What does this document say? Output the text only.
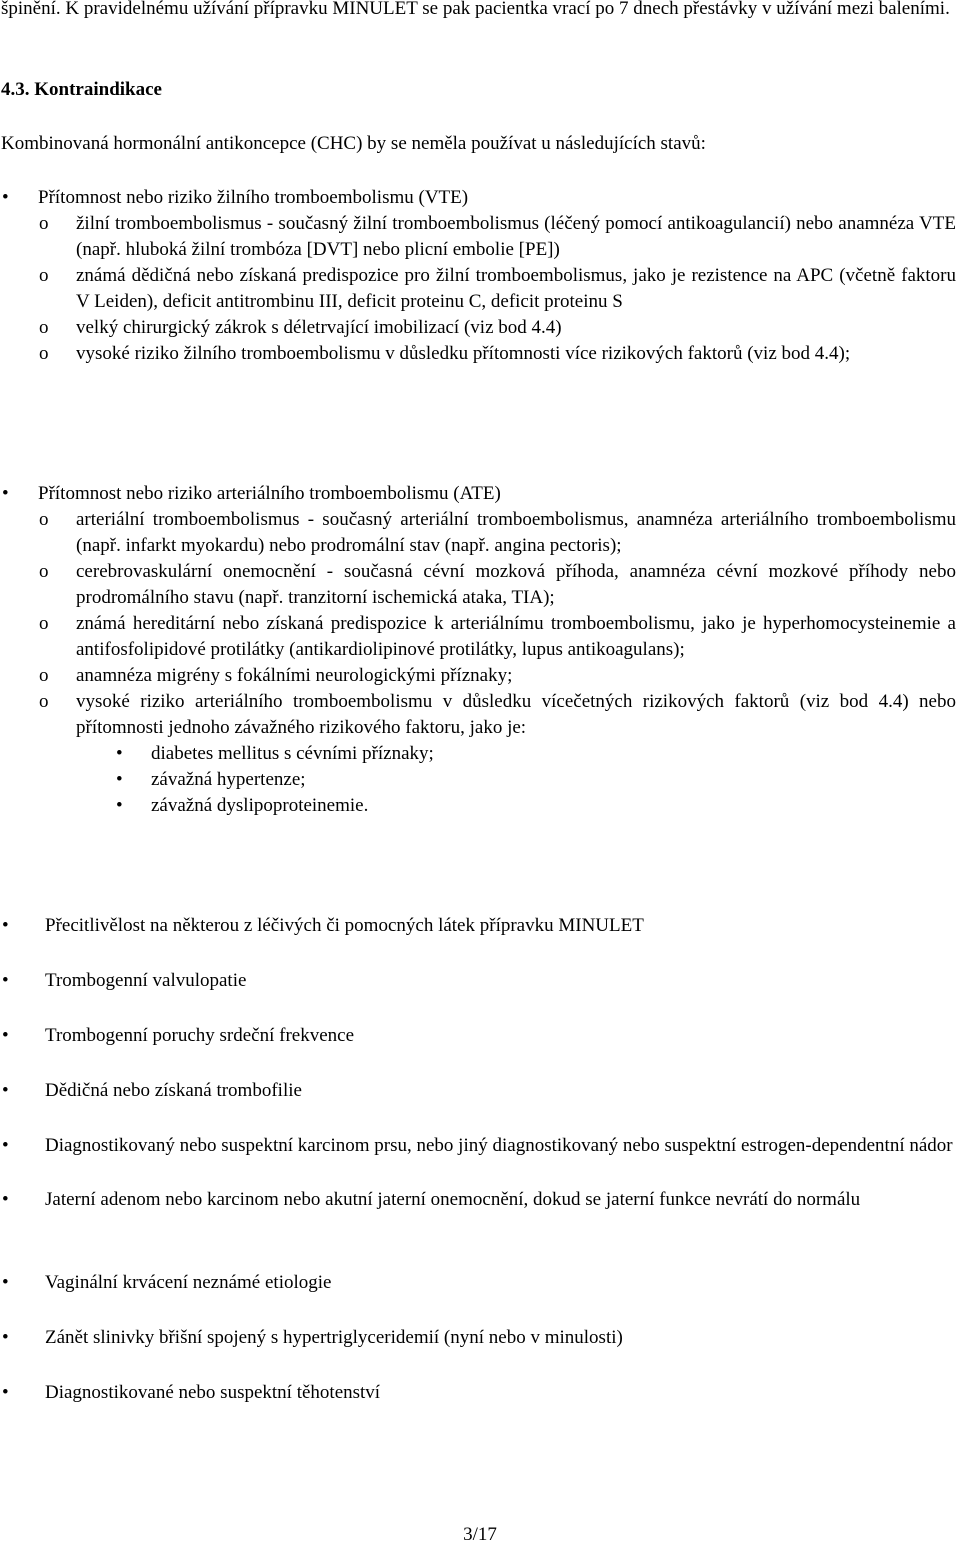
špinění. K pravidelnému užívání přípravku MINULET se pak pacientka vrací po 7 dnech přestávky v užívání mezi baleními.

4.3. Kontraindikace

Kombinovaná hormonální antikoncepce (CHC) by se neměla používat u následujících stavů:

• Přítomnost nebo riziko žilního tromboembolismu (VTE)
o žilní tromboembolismus - současný žilní tromboembolismus (léčený pomocí antikoagulancií) nebo anamnéza VTE (např. hluboká žilní trombóza [DVT] nebo plicní embolie [PE])
o známá dědičná nebo získaná predispozice pro žilní tromboembolismus, jako je rezistence na APC (včetně faktoru V Leiden), deficit antitrombinu III, deficit proteinu C, deficit proteinu S
o velký chirurgický zákrok s déletrvající imobilizací (viz bod 4.4)
o vysoké riziko žilního tromboembolismu v důsledku přítomnosti více rizikových faktorů (viz bod 4.4);
• Přítomnost nebo riziko arteriálního tromboembolismu (ATE)
o arteriální tromboembolismus - současný arteriální tromboembolismus, anamnéza arteriálního tromboembolismu (např. infarkt myokardu) nebo prodromální stav (např. angina pectoris);
o cerebrovaskulární onemocnění - současná cévní mozková příhoda, anamnéza cévní mozkové příhody nebo prodromálního stavu (např. tranzitorní ischemická ataka, TIA);
o známá hereditární nebo získaná predispozice k arteriálnímu tromboembolismu, jako je hyperhomocysteinemie a antifosfolipidové protilátky (antikardiolipinové protilátky, lupus antikoagulans);
o anamnéza migrény s fokálními neurologickými příznaky;
o vysoké riziko arteriálního tromboembolismu v důsledku vícečetných rizikových faktorů (viz bod 4.4) nebo přítomnosti jednoho závažného rizikového faktoru, jako je:
• diabetes mellitus s cévními příznaky;
• závažná hypertenze;
• závažná dyslipoproteinemie.
• Přecitlivělost na některou z léčivých či pomocných látek přípravku MINULET
• Trombogenní valvulopatie
• Trombogenní poruchy srdeční frekvence
• Dědičná nebo získaná trombofilie
• Diagnostikovaný nebo suspektní karcinom prsu, nebo jiný diagnostikovaný nebo suspektní estrogen-dependentní nádor
• Jaterní adenom nebo karcinom nebo akutní jaterní onemocnění, dokud se jaterní funkce nevrátí do normálu
• Vaginální krvácení neznámé etiologie
• Zánět slinivky břišní spojený s hypertriglyceridemií (nyní nebo v minulosti)
• Diagnostikované nebo suspektní těhotenství
3/17
